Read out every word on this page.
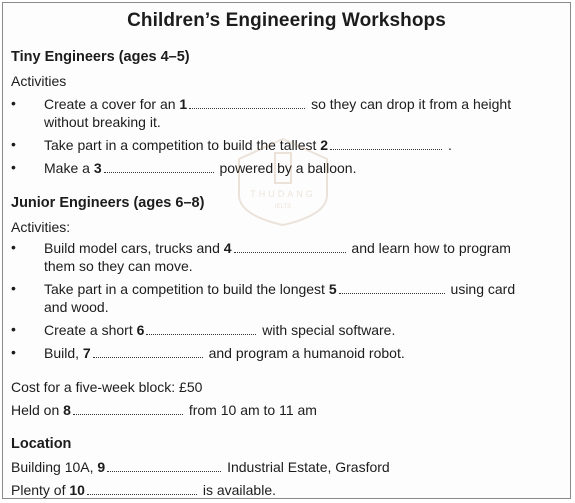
Children’s Engineering Workshops
Tiny Engineers (ages 4–5)
Activities
• Create a cover for an 1	so they can drop it from a height
without breaking it.
• Take part in a competition to build the tallest 2	.
• Make a 3	powered by a balloon.
Junior Engineers (ages 6–8)
Activities:
• Build model cars, trucks and 4	and learn how to program
them so they can move.
• Take part in a competition to build the longest 5	using card
and wood.
• Create a short 6	with special software.
• Build, 7	and program a humanoid robot.
Cost for a five-week block: £50
Held on 8	from 10 am to 11 am
Location
Building 10A, 9	Industrial Estate, Grasford
Plenty of 10	is available.
THUDANG
IELTS
